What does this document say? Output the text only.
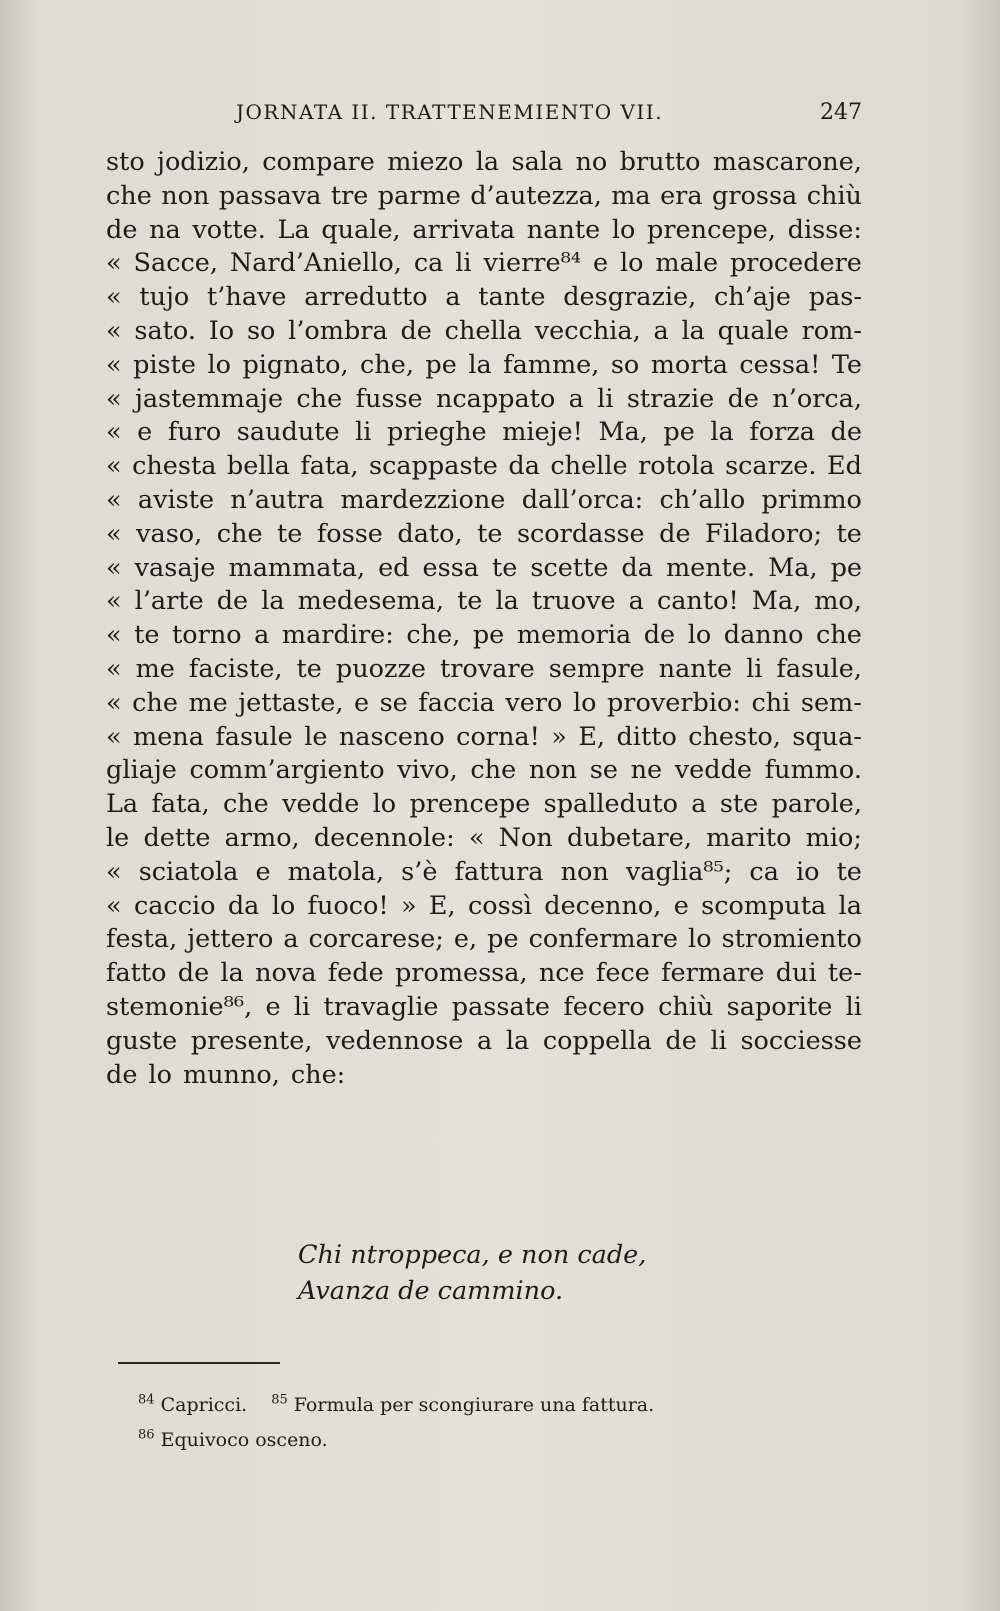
JORNATA II. TRATTENEMIENTO VII.	247
sto jodizio, compare miezo la sala no brutto mascarone,
che non passava tre parme d’autezza, ma era grossa chiù
de na votte. La quale, arrivata nante lo prencepe, disse:
« Sacce, Nard’Aniello, ca li vierre⁸⁴ e lo male procedere
« tujo t’have arredutto a tante desgrazie, ch’aje pas-
« sato. Io so l’ombra de chella vecchia, a la quale rom-
« piste lo pignato, che, pe la famme, so morta cessa! Te
« jastemmaje che fusse ncappato a li strazie de n’orca,
« e furo saudute li prieghe mieje! Ma, pe la forza de
« chesta bella fata, scappaste da chelle rotola scarze. Ed
« aviste n’autra mardezzione dall’orca: ch’allo primmo
« vaso, che te fosse dato, te scordasse de Filadoro; te
« vasaje mammata, ed essa te scette da mente. Ma, pe
« l’arte de la medesema, te la truove a canto! Ma, mo,
« te torno a mardire: che, pe memoria de lo danno che
« me faciste, te puozze trovare sempre nante li fasule,
« che me jettaste, e se faccia vero lo proverbio: chi sem-
« mena fasule le nasceno corna! » E, ditto chesto, squa-
gliaje comm’argiento vivo, che non se ne vedde fummo.
La fata, che vedde lo prencepe spalleduto a ste parole,
le dette armo, decennole: « Non dubetare, marito mio;
« sciatola e matola, s’è fattura non vaglia⁸⁵; ca io te
« caccio da lo fuoco! » E, cossì decenno, e scomputa la
festa, jettero a corcarese; e, pe confermare lo stromiento
fatto de la nova fede promessa, nce fece fermare dui te-
stemonie⁸⁶, e li travaglie passate fecero chiù saporite li
guste presente, vedennose a la coppella de li socciesse
de lo munno, che:
Chi ntroppeca, e non cade,
Avanza de cammino.
$^{84}$ Capricci. $^{85}$ Formula per scongiurare una fattura.
$^{86}$ Equivoco osceno.
